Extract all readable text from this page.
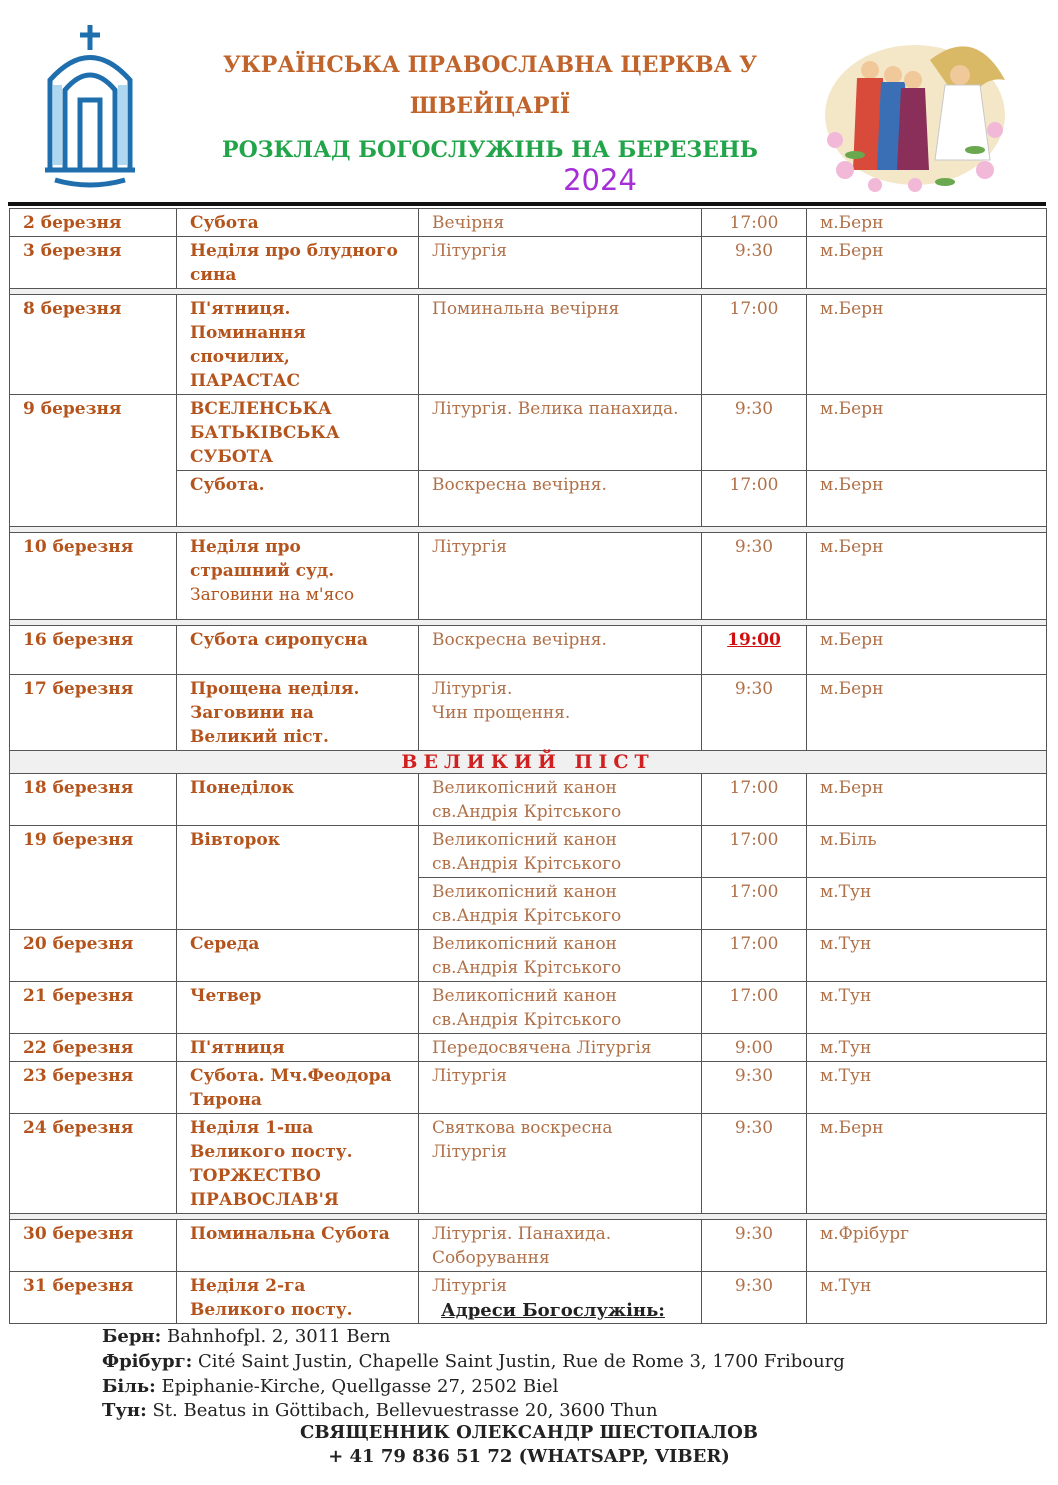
УКРАЇНСЬКА ПРАВОСЛАВНА ЦЕРКВА У
ШВЕЙЦАРІЇ
РОЗКЛАД БОГОСЛУЖІНЬ НА БЕРЕЗЕНЬ
2024
2 березня	Субота	Вечірня	17:00	м.Берн
3 березня	Неділя про блудного сина	Літургія	9:30	м.Берн

8 березня	П'ятниця. Поминання спочилих, ПАРАСТАС	Поминальна вечірня	17:00	м.Берн
9 березня	ВСЕЛЕНСЬКА БАТЬКІВСЬКА СУБОТА	Літургія. Велика панахида.	9:30	м.Берн
	Субота.	Воскресна вечірня.	17:00	м.Берн

10 березня	Неділя про страшний суд. Заговини на м'ясо	Літургія	9:30	м.Берн

16 березня	Субота сиропусна	Воскресна вечірня.	19:00	м.Берн
17 березня	Прощена неділя. Заговини на Великий піст.	Літургія.
Чин прощення.	9:30	м.Берн
ВЕЛИКИЙ ПІСТ				
18 березня	Понеділок	Великопісний канон св.Андрія Крітського	17:00	м.Берн
19 березня	Вівторок	Великопісний канон св.Андрія Крітського	17:00	м.Біль
		Великопісний канон св.Андрія Крітського	17:00	м.Тун
20 березня	Середа	Великопісний канон св.Андрія Крітського	17:00	м.Тун
21 березня	Четвер	Великопісний канон св.Андрія Крітського	17:00	м.Тун
22 березня	П'ятниця	Передосвячена Літургія	9:00	м.Тун
23 березня	Субота. Мч.Феодора Тирона	Літургія	9:30	м.Тун
24 березня	Неділя 1-ша Великого посту. ТОРЖЕСТВО ПРАВОСЛАВ'Я	Святкова воскресна Літургія	9:30	м.Берн

30 березня	Поминальна Субота	Літургія. Панахида. Соборування	9:30	м.Фрібург
31 березня	Неділя 2-га Великого посту.	Літургія	9:30	м.Тун
Адреси Богослужінь:
Берн: Bahnhofpl. 2, 3011 Bern
Фрібург: Cité Saint Justin, Chapelle Saint Justin, Rue de Rome 3, 1700 Fribourg
Біль: Epiphanie-Kirche, Quellgasse 27, 2502 Biel
Тун: St. Beatus in Göttibach, Bellevuestrasse 20, 3600 Thun
СВЯЩЕННИК ОЛЕКСАНДР ШЕСТОПАЛОВ
+ 41 79 836 51 72 (WHATSAPP, VIBER)
